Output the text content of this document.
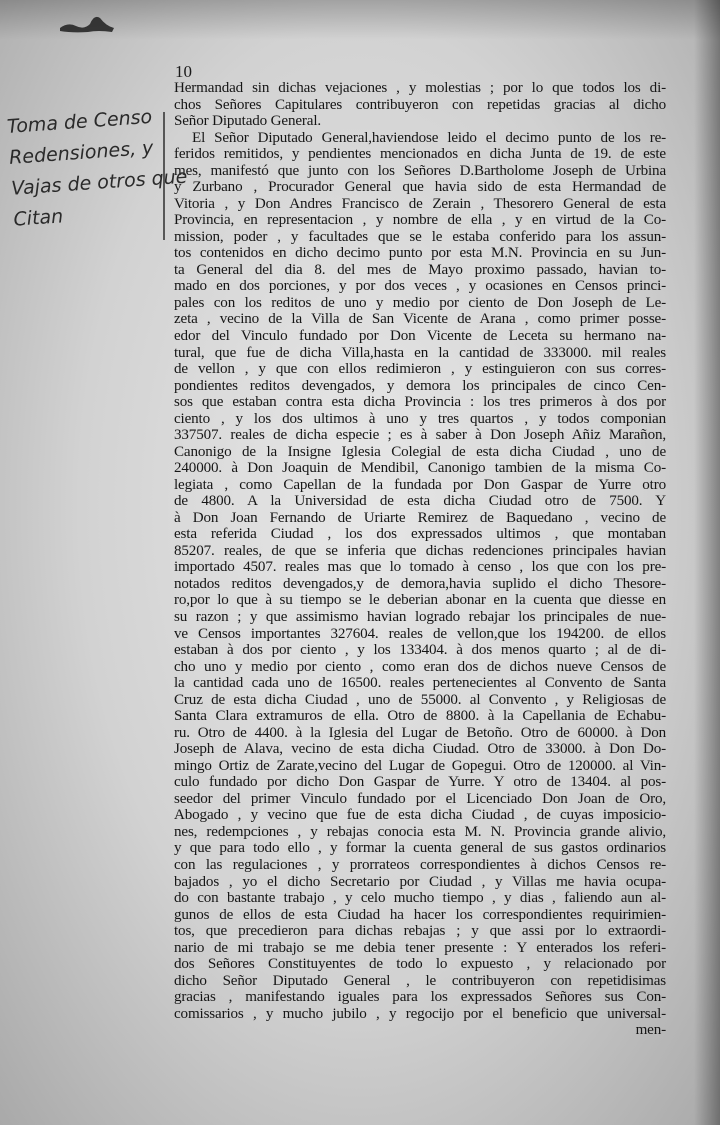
10
Hermandad sin dichas vejaciones , y molestias ; por lo que todos los di-
chos Señores Capitulares contribuyeron con repetidas gracias al dicho
Señor Diputado General.
El Señor Diputado General,haviendose leido el decimo punto de los re-
feridos remitidos, y pendientes mencionados en dicha Junta de 19. de este
mes, manifestó que junto con los Señores D.Bartholome Joseph de Urbina
y Zurbano , Procurador General que havia sido de esta Hermandad de
Vitoria , y Don Andres Francisco de Zerain , Thesorero General de esta
Provincia, en representacion , y nombre de ella , y en virtud de la Co-
mission, poder , y facultades que se le estaba conferido para los assun-
tos contenidos en dicho decimo punto por esta M.N. Provincia en su Jun-
ta General del dia 8. del mes de Mayo proximo passado, havian to-
mado en dos porciones, y por dos veces , y ocasiones en Censos princi-
pales con los reditos de uno y medio por ciento de Don Joseph de Le-
zeta , vecino de la Villa de San Vicente de Arana , como primer posse-
edor del Vinculo fundado por Don Vicente de Leceta su hermano na-
tural, que fue de dicha Villa,hasta en la cantidad de 333000. mil reales
de vellon , y que con ellos redimieron , y estinguieron con sus corres-
pondientes reditos devengados, y demora los principales de cinco Cen-
sos que estaban contra esta dicha Provincia : los tres primeros à dos por
ciento , y los dos ultimos à uno y tres quartos , y todos componian
337507. reales de dicha especie ; es à saber à Don Joseph Añiz Marañon,
Canonigo de la Insigne Iglesia Colegial de esta dicha Ciudad , uno de
240000. à Don Joaquin de Mendibil, Canonigo tambien de la misma Co-
legiata , como Capellan de la fundada por Don Gaspar de Yurre otro
de 4800. A la Universidad de esta dicha Ciudad otro de 7500. Y
à Don Joan Fernando de Uriarte Remirez de Baquedano , vecino de
esta referida Ciudad , los dos expressados ultimos , que montaban
85207. reales, de que se inferia que dichas redenciones principales havian
importado 4507. reales mas que lo tomado à censo , los que con los pre-
notados reditos devengados,y de demora,havia suplido el dicho Thesore-
ro,por lo que à su tiempo se le deberian abonar en la cuenta que diesse en
su razon ; y que assimismo havian logrado rebajar los principales de nue-
ve Censos importantes 327604. reales de vellon,que los 194200. de ellos
estaban à dos por ciento , y los 133404. à dos menos quarto ; al de di-
cho uno y medio por ciento , como eran dos de dichos nueve Censos de
la cantidad cada uno de 16500. reales pertenecientes al Convento de Santa
Cruz de esta dicha Ciudad , uno de 55000. al Convento , y Religiosas de
Santa Clara extramuros de ella. Otro de 8800. à la Capellania de Echabu-
ru. Otro de 4400. à la Iglesia del Lugar de Betoño. Otro de 60000. à Don
Joseph de Alava, vecino de esta dicha Ciudad. Otro de 33000. à Don Do-
mingo Ortiz de Zarate,vecino del Lugar de Gopegui. Otro de 120000. al Vin-
culo fundado por dicho Don Gaspar de Yurre. Y otro de 13404. al pos-
seedor del primer Vinculo fundado por el Licenciado Don Joan de Oro,
Abogado , y vecino que fue de esta dicha Ciudad , de cuyas imposicio-
nes, redempciones , y rebajas conocia esta M. N. Provincia grande alivio,
y que para todo ello , y formar la cuenta general de sus gastos ordinarios
con las regulaciones , y prorrateos correspondientes à dichos Censos re-
bajados , yo el dicho Secretario por Ciudad , y Villas me havia ocupa-
do con bastante trabajo , y celo mucho tiempo , y dias , faliendo aun al-
gunos de ellos de esta Ciudad ha hacer los correspondientes requirimien-
tos, que precedieron para dichas rebajas ; y que assi por lo extraordi-
nario de mi trabajo se me debia tener presente : Y enterados los referi-
dos Señores Constituyentes de todo lo expuesto , y relacionado por
dicho Señor Diputado General , le contribuyeron con repetidisimas
gracias , manifestando iguales para los expressados Señores sus Con-
comissarios , y mucho jubilo , y regocijo por el beneficio que universal-
men-
Toma de Censo
Redensiones, y
Vajas de otros que
Citan
